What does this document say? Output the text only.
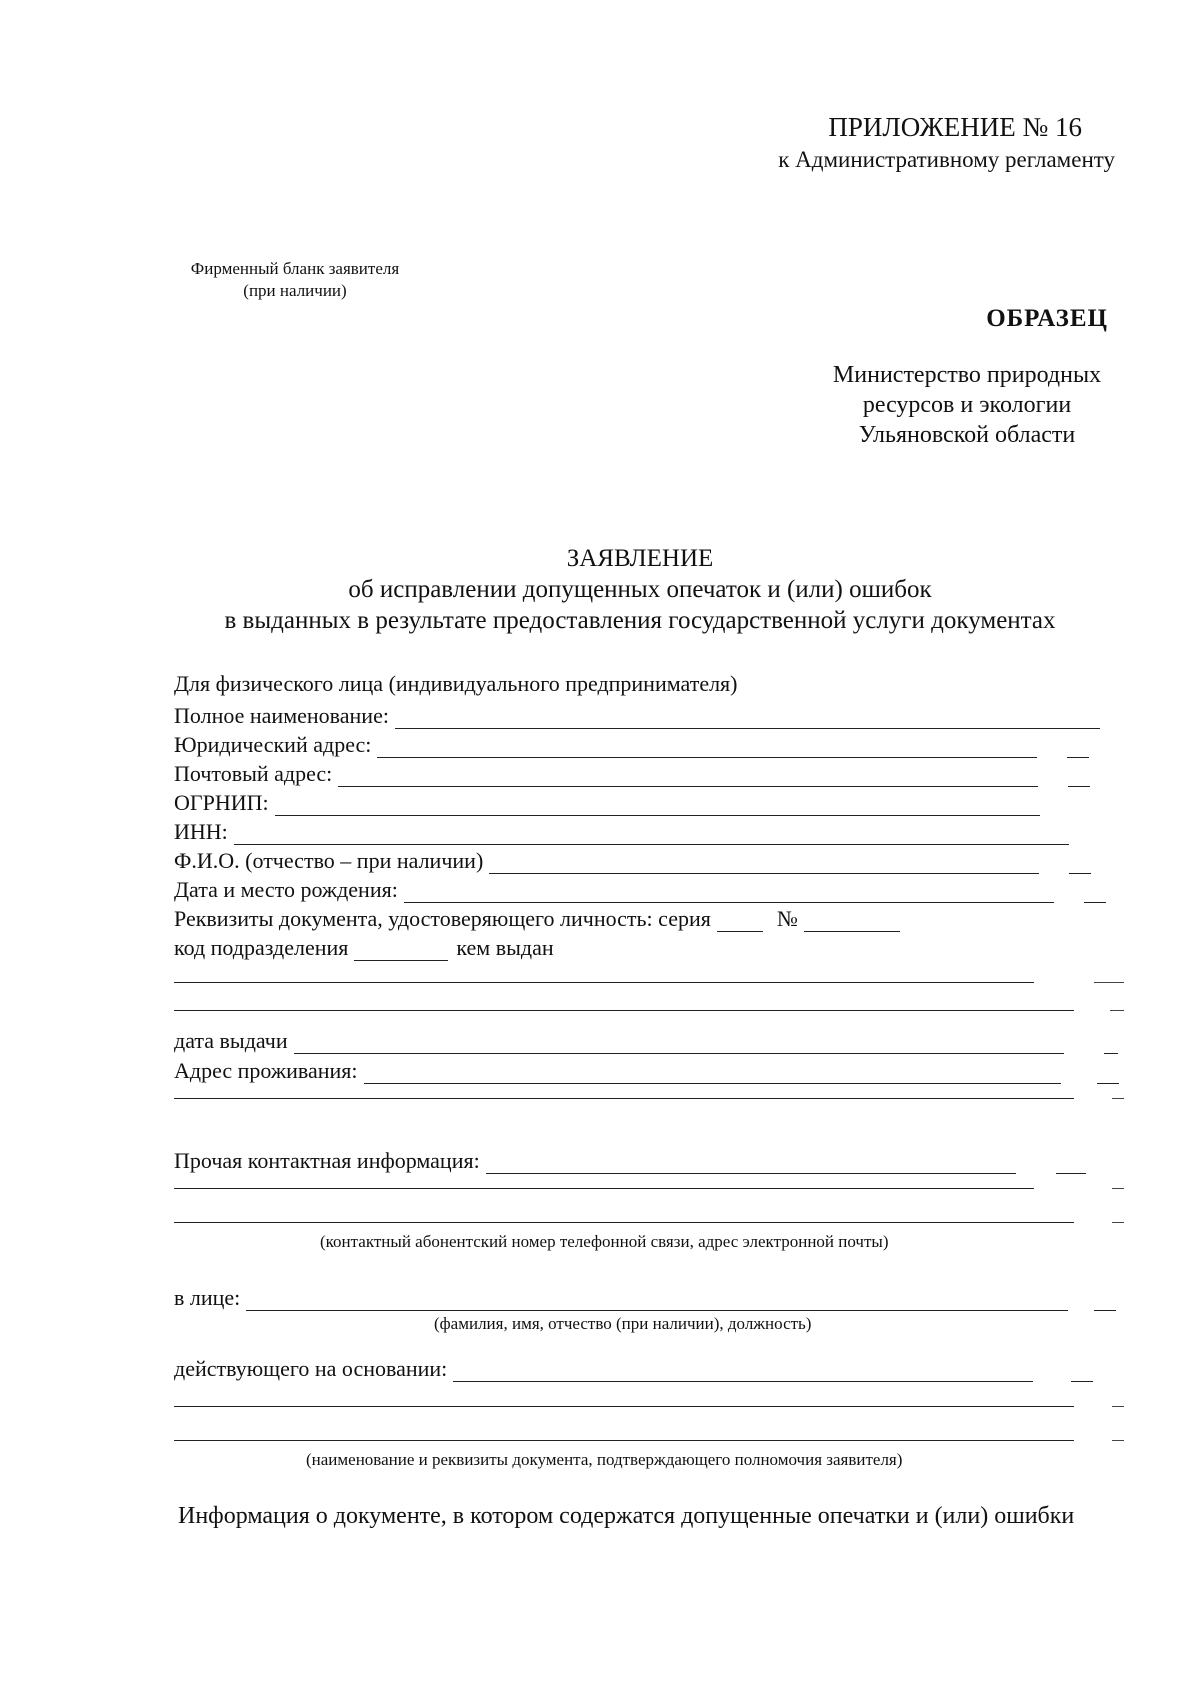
ПРИЛОЖЕНИЕ № 16
к Административному регламенту
Фирменный бланк заявителя
(при наличии)
ОБРАЗЕЦ
Министерство природных
ресурсов и экологии
Ульяновской области
ЗАЯВЛЕНИЕ
об исправлении допущенных опечаток и (или) ошибок
в выданных в результате предоставления государственной услуги документах
Для физического лица (индивидуального предпринимателя)
Полное наименование:
Юридический адрес:
Почтовый адрес:
ОГРНИП:
ИНН:
Ф.И.О. (отчество – при наличии)
Дата и место рождения:
Реквизиты документа, удостоверяющего личность: серия	№
код подразделения	кем выдан
дата выдачи
Адрес проживания:
Прочая контактная информация:
(контактный абонентский номер телефонной связи, адрес электронной почты)
в лице:
(фамилия, имя, отчество (при наличии), должность)
действующего на основании:
(наименование и реквизиты документа, подтверждающего полномочия заявителя)
Информация о документе, в котором содержатся допущенные опечатки и (или) ошибки
